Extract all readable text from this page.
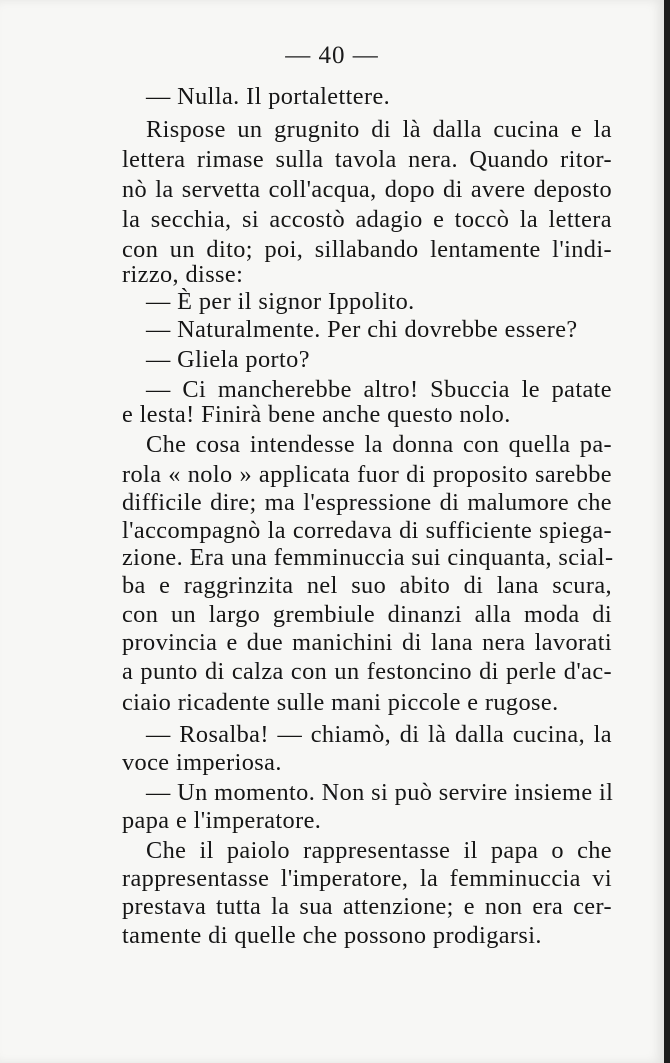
— 40 —
— Nulla. Il portalettere.
Rispose un grugnito di là dalla cucina e la
lettera rimase sulla tavola nera. Quando ritor-
nò la servetta coll'acqua, dopo di avere deposto
la secchia, si accostò adagio e toccò la lettera
con un dito; poi, sillabando lentamente l'indi-
rizzo, disse:
— È per il signor Ippolito.
— Naturalmente. Per chi dovrebbe essere?
— Gliela porto?
— Ci mancherebbe altro! Sbuccia le patate
e lesta! Finirà bene anche questo nolo.
Che cosa intendesse la donna con quella pa-
rola « nolo » applicata fuor di proposito sarebbe
difficile dire; ma l'espressione di malumore che
l'accompagnò la corredava di sufficiente spiega-
zione. Era una femminuccia sui cinquanta, scial-
ba e raggrinzita nel suo abito di lana scura,
con un largo grembiule dinanzi alla moda di
provincia e due manichini di lana nera lavorati
a punto di calza con un festoncino di perle d'ac-
ciaio ricadente sulle mani piccole e rugose.
— Rosalba! — chiamò, di là dalla cucina, la
voce imperiosa.
— Un momento. Non si può servire insieme il
papa e l'imperatore.
Che il paiolo rappresentasse il papa o che
rappresentasse l'imperatore, la femminuccia vi
prestava tutta la sua attenzione; e non era cer-
tamente di quelle che possono prodigarsi.
